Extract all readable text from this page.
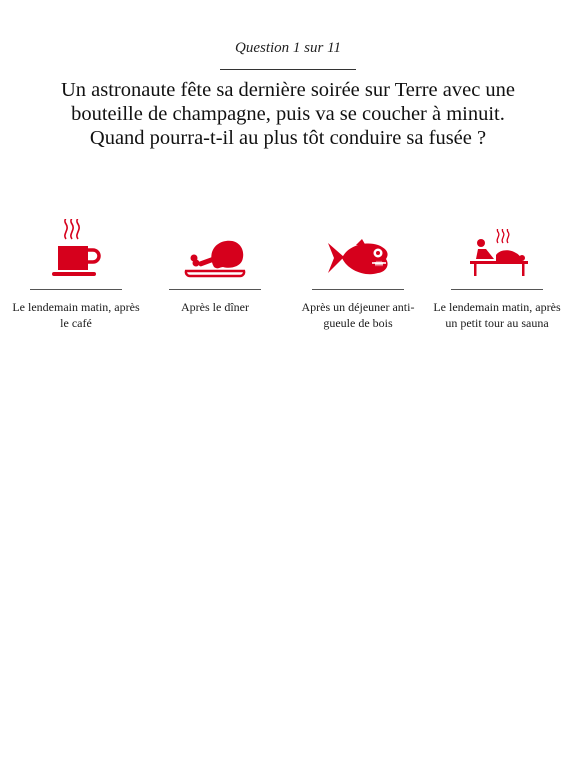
Question 1 sur 11
Un astronaute fête sa dernière soirée sur Terre avec une bouteille de champagne, puis va se coucher à minuit. Quand pourra-t-il au plus tôt conduire sa fusée ?
Le lendemain matin, après le café
Après le dîner	Après un déjeuner anti-gueule de bois
Le lendemain matin, après un petit tour au sauna
